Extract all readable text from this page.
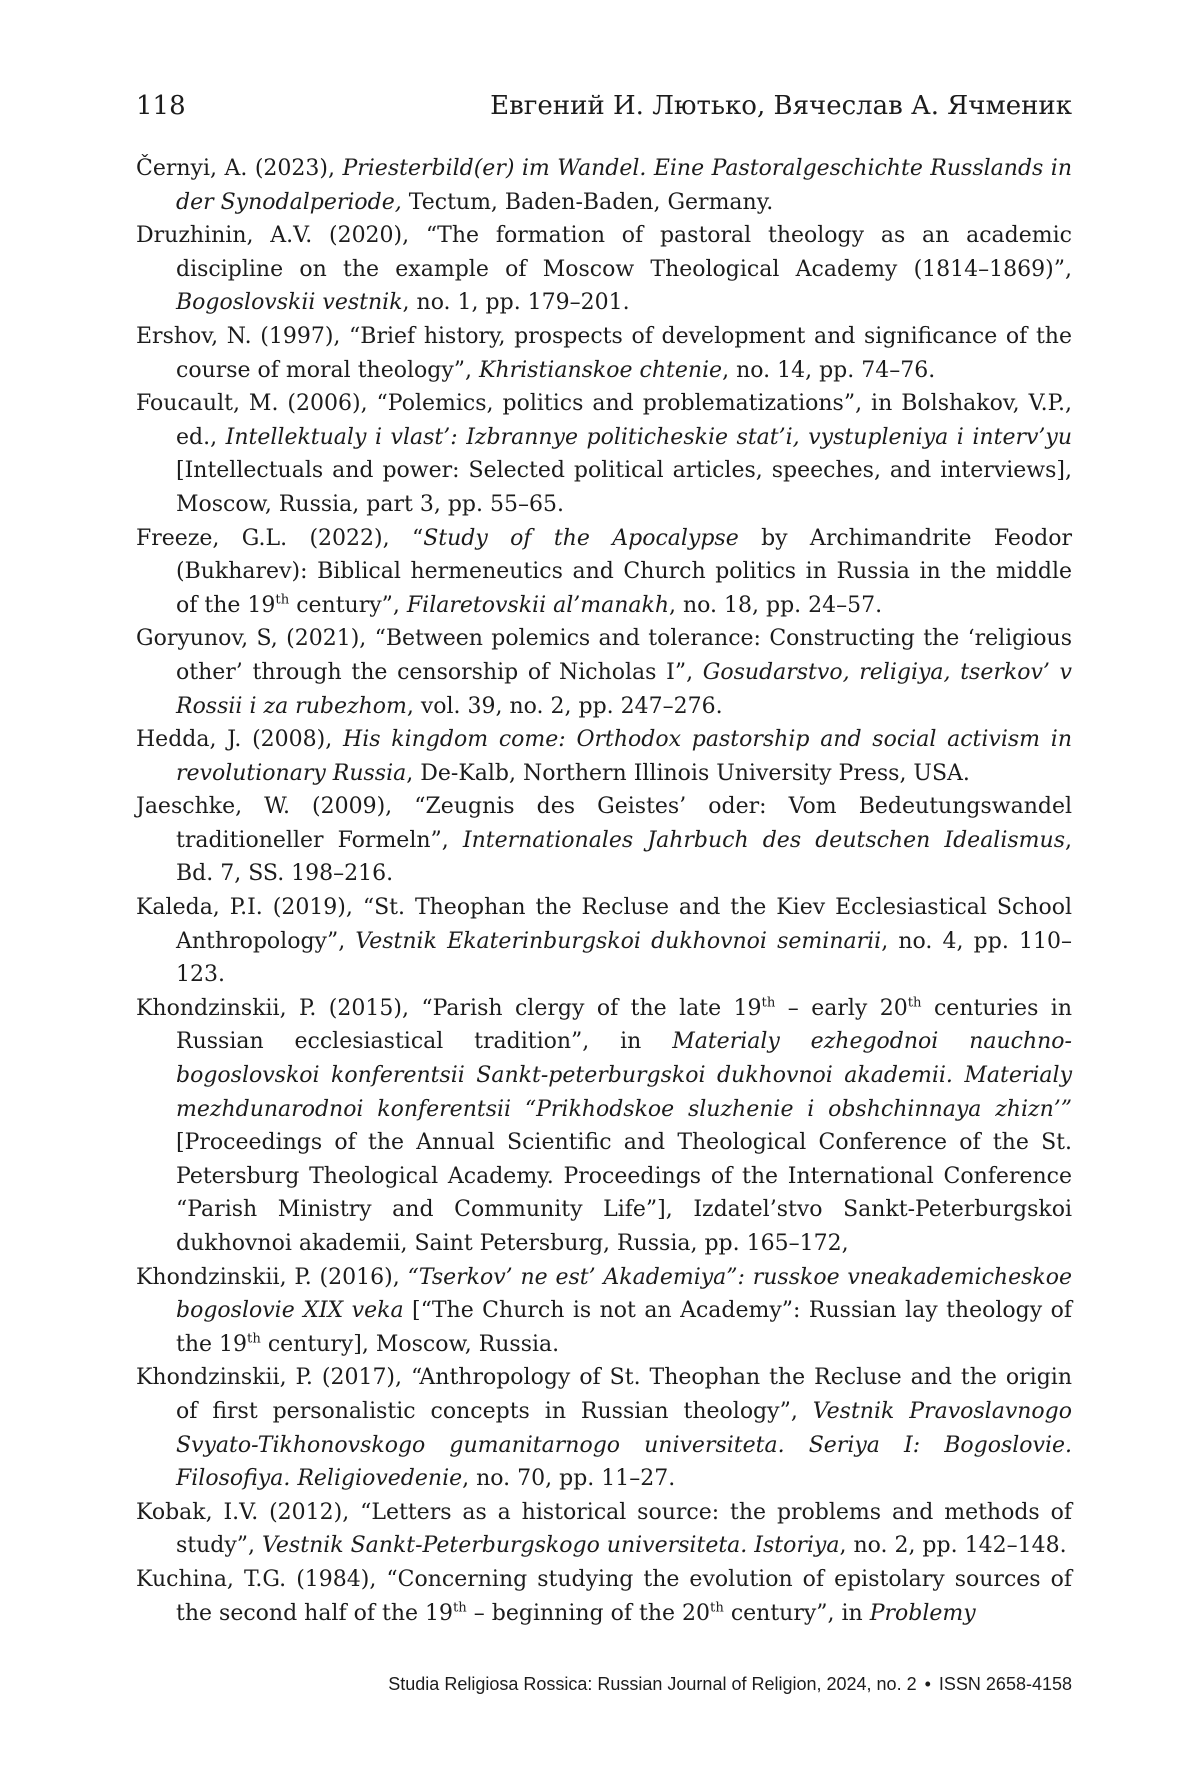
118	Евгений И. Лютько, Вячеслав А. Ячменик

Černyi, A. (2023), Priesterbild(er) im Wandel. Eine Pastoralgeschichte Russlands in der Synodalperiode, Tectum, Baden-Baden, Germany.

Druzhinin, A.V. (2020), “The formation of pastoral theology as an academic discipline on the example of Moscow Theological Academy (1814–1869)”, Bogoslovskii vestnik, no. 1, pp. 179–201.

Ershov, N. (1997), “Brief history, prospects of development and significance of the course of moral theology”, Khristianskoe chtenie, no. 14, pp. 74–76.

Foucault, M. (2006), “Polemics, politics and problematizations”, in Bolshakov, V.P., ed., Intellektualy i vlast’: Izbrannye politicheskie stat’i, vystupleniya i interv’yu [Intellectuals and power: Selected political articles, speeches, and interviews], Moscow, Russia, part 3, pp. 55–65.

Freeze, G.L. (2022), “Study of the Apocalypse by Archimandrite Feodor (Bukharev): Biblical hermeneutics and Church politics in Russia in the middle of the 19th century”, Filaretovskii al’manakh, no. 18, pp. 24–57.

Goryunov, S, (2021), “Between polemics and tolerance: Constructing the ‘religious other’ through the censorship of Nicholas I”, Gosudarstvo, religiya, tserkov’ v Rossii i za rubezhom, vol. 39, no. 2, pp. 247–276.

Hedda, J. (2008), His kingdom come: Orthodox pastorship and social activism in revolutionary Russia, De-Kalb, Northern Illinois University Press, USA.

Jaeschke, W. (2009), “Zeugnis des Geistes’ oder: Vom Bedeutungswandel traditioneller Formeln”, Internationales Jahrbuch des deutschen Idealismus, Bd. 7, SS. 198–216.

Kaleda, P.I. (2019), “St. Theophan the Recluse and the Kiev Ecclesiastical School Anthropology”, Vestnik Ekaterinburgskoi dukhovnoi seminarii, no. 4, pp. 110–123.

Khondzinskii, P. (2015), “Parish clergy of the late 19th – early 20th centuries in Russian ecclesiastical tradition”, in Materialy ezhegodnoi nauchno-bogoslovskoi konferentsii Sankt-peterburgskoi dukhovnoi akademii. Materialy mezhdunarodnoi konferentsii “Prikhodskoe sluzhenie i obshchinnaya zhizn’” [Proceedings of the Annual Scientific and Theological Conference of the St. Petersburg Theological Academy. Proceedings of the International Conference “Parish Ministry and Community Life”], Izdatel’stvo Sankt-Peterburgskoi dukhovnoi akademii, Saint Petersburg, Russia, pp. 165–172,

Khondzinskii, P. (2016), “Tserkov’ ne est’ Akademiya”: russkoe vneakademicheskoe bogoslovie XIX veka [“The Church is not an Academy”: Russian lay theology of the 19th century], Moscow, Russia.

Khondzinskii, P. (2017), “Anthropology of St. Theophan the Recluse and the origin of first personalistic concepts in Russian theology”, Vestnik Pravoslavnogo Svyato-Tikhonovskogo gumanitarnogo universiteta. Seriya I: Bogoslovie. Filosofiya. Religiovedenie, no. 70, pp. 11–27.

Kobak, I.V. (2012), “Letters as a historical source: the problems and methods of study”, Vestnik Sankt-Peterburgskogo universiteta. Istoriya, no. 2, pp. 142–148.

Kuchina, T.G. (1984), “Concerning studying the evolution of epistolary sources of the second half of the 19th – beginning of the 20th century”, in Problemy

Studia Religiosa Rossica: Russian Journal of Religion, 2024, no. 2 • ISSN 2658-4158
